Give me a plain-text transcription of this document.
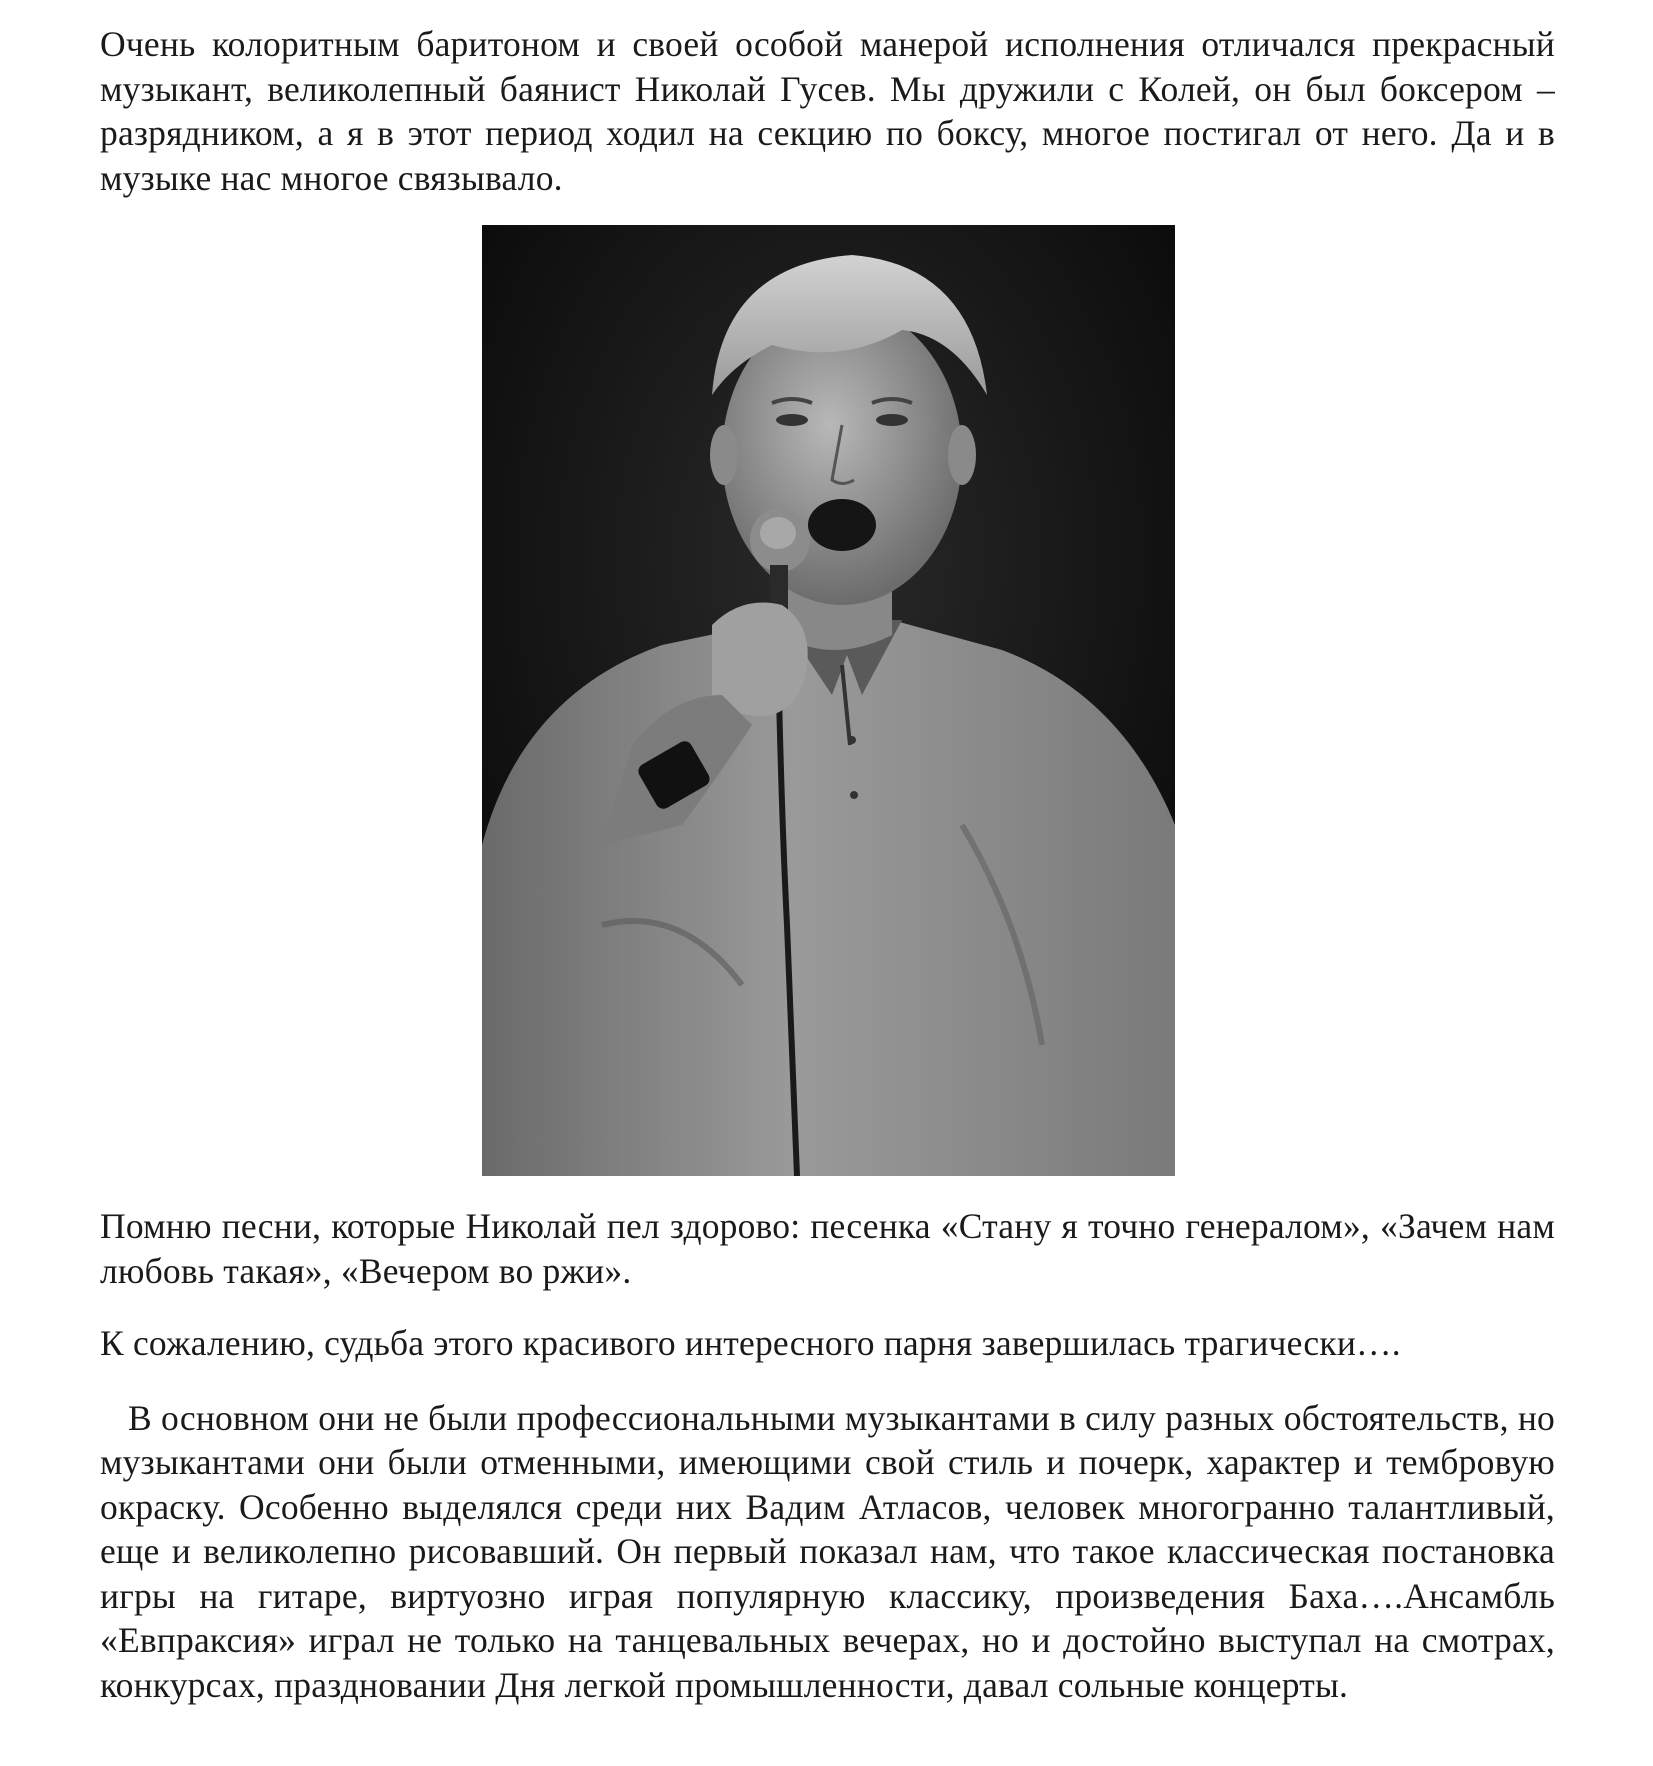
Очень колоритным баритоном и своей особой манерой исполнения отличался прекрасный музыкант, великолепный баянист Николай Гусев. Мы дружили с Колей, он был боксером –разрядником, а я в этот период ходил на секцию по боксу, многое постигал от него. Да и в музыке нас многое связывало.

Помню песни, которые Николай пел здорово: песенка «Стану я точно генералом», «Зачем нам любовь такая», «Вечером во ржи».

К сожалению, судьба этого красивого интересного парня завершилась трагически….

В основном они не были профессиональными музыкантами в силу разных обстоятельств, но музыкантами они были отменными, имеющими свой стиль и почерк, характер и тембровую окраску. Особенно выделялся среди них Вадим Атласов, человек многогранно талантливый, еще и великолепно рисовавший. Он первый показал нам, что такое классическая постановка игры на гитаре, виртуозно играя популярную классику, произведения Баха….Ансамбль «Евпраксия» играл не только на танцевальных вечерах, но и достойно выступал на смотрах, конкурсах, праздновании Дня легкой промышленности, давал сольные концерты.
